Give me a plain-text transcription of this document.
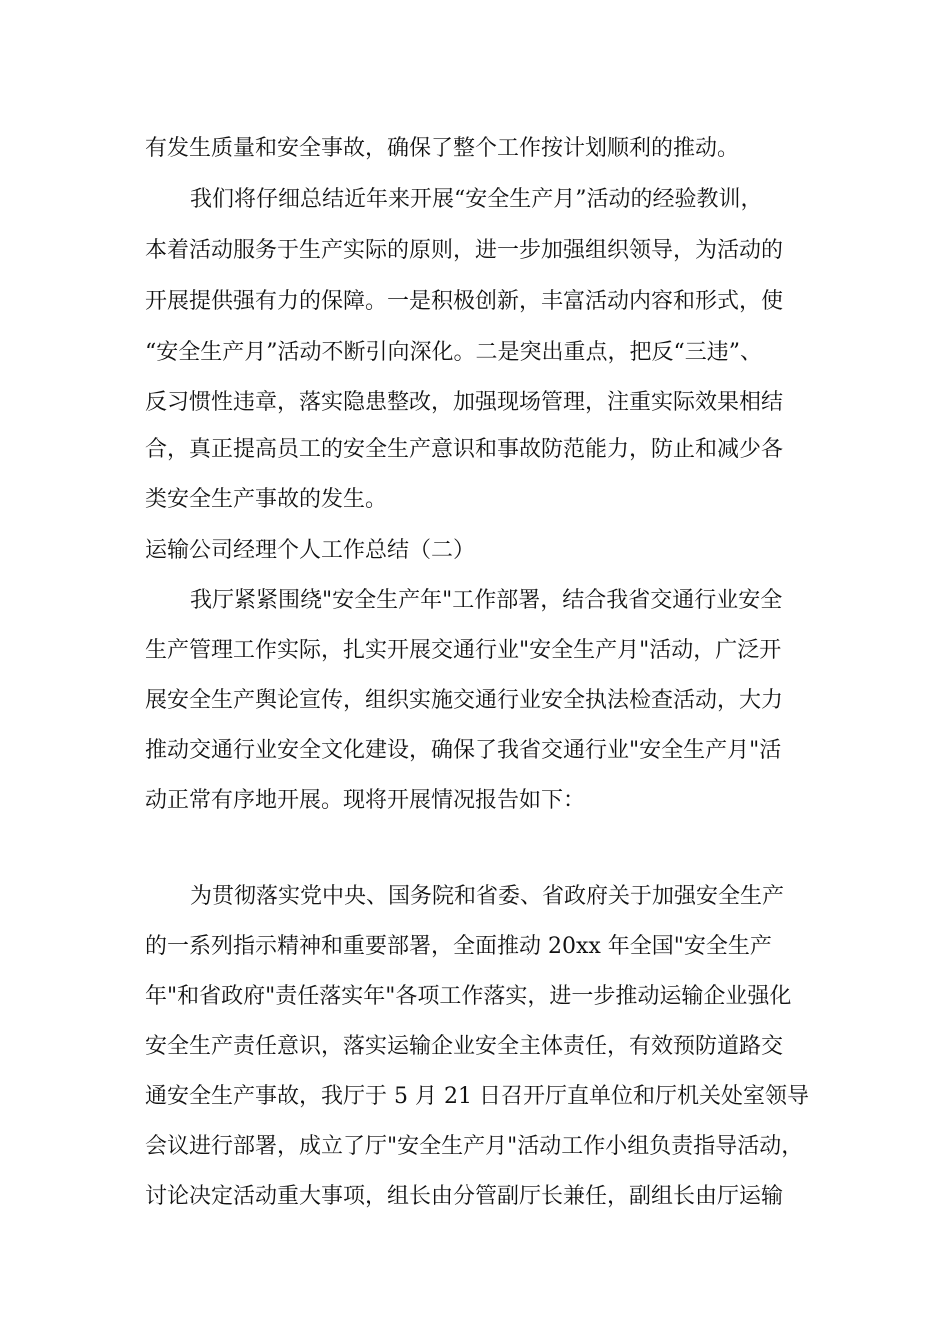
有发生质量和安全事故，确保了整个工作按计划顺利的推动。
我们将仔细总结近年来开展“安全生产月”活动的经验教训，
本着活动服务于生产实际的原则，进一步加强组织领导，为活动的
开展提供强有力的保障。一是积极创新，丰富活动内容和形式，使
“安全生产月”活动不断引向深化。二是突出重点，把反“三违”、
反习惯性违章，落实隐患整改，加强现场管理，注重实际效果相结
合，真正提高员工的安全生产意识和事故防范能力，防止和减少各
类安全生产事故的发生。
运输公司经理个人工作总结（二）
我厅紧紧围绕"安全生产年"工作部署，结合我省交通行业安全
生产管理工作实际，扎实开展交通行业"安全生产月"活动，广泛开
展安全生产舆论宣传，组织实施交通行业安全执法检查活动，大力
推动交通行业安全文化建设，确保了我省交通行业"安全生产月"活
动正常有序地开展。现将开展情况报告如下：
为贯彻落实党中央、国务院和省委、省政府关于加强安全生产
的一系列指示精神和重要部署，全面推动 20xx 年全国"安全生产
年"和省政府"责任落实年"各项工作落实，进一步推动运输企业强化
安全生产责任意识，落实运输企业安全主体责任，有效预防道路交
通安全生产事故，我厅于 5 月 21 日召开厅直单位和厅机关处室领导
会议进行部署，成立了厅"安全生产月"活动工作小组负责指导活动，
讨论决定活动重大事项，组长由分管副厅长兼任，副组长由厅运输
